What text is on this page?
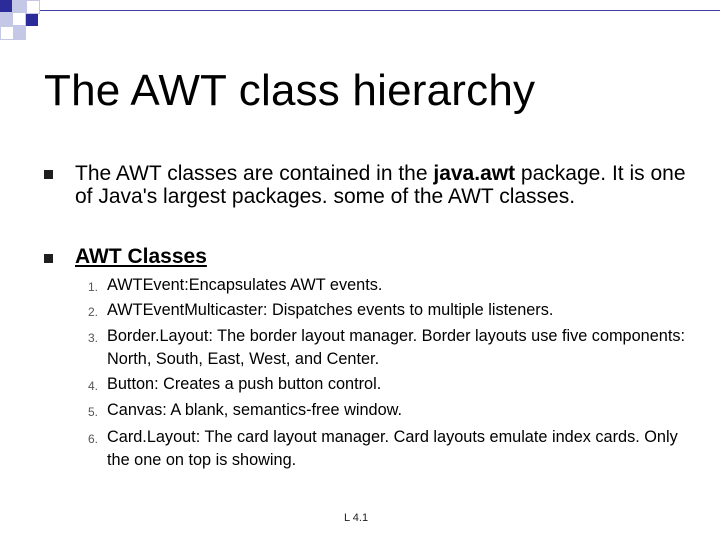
The AWT class hierarchy
The AWT classes are contained in the java.awt package. It is one of Java's largest packages. some of the AWT classes.
AWT Classes
1. AWTEvent:Encapsulates AWT events.
2. AWTEventMulticaster: Dispatches events to multiple listeners.
3. Border.Layout: The border layout manager. Border layouts use five components: North, South, East, West, and Center.
4. Button: Creates a push button control.
5. Canvas: A blank, semantics-free window.
6. Card.Layout: The card layout manager. Card layouts emulate index cards. Only the one on top is showing.
L 4.1
